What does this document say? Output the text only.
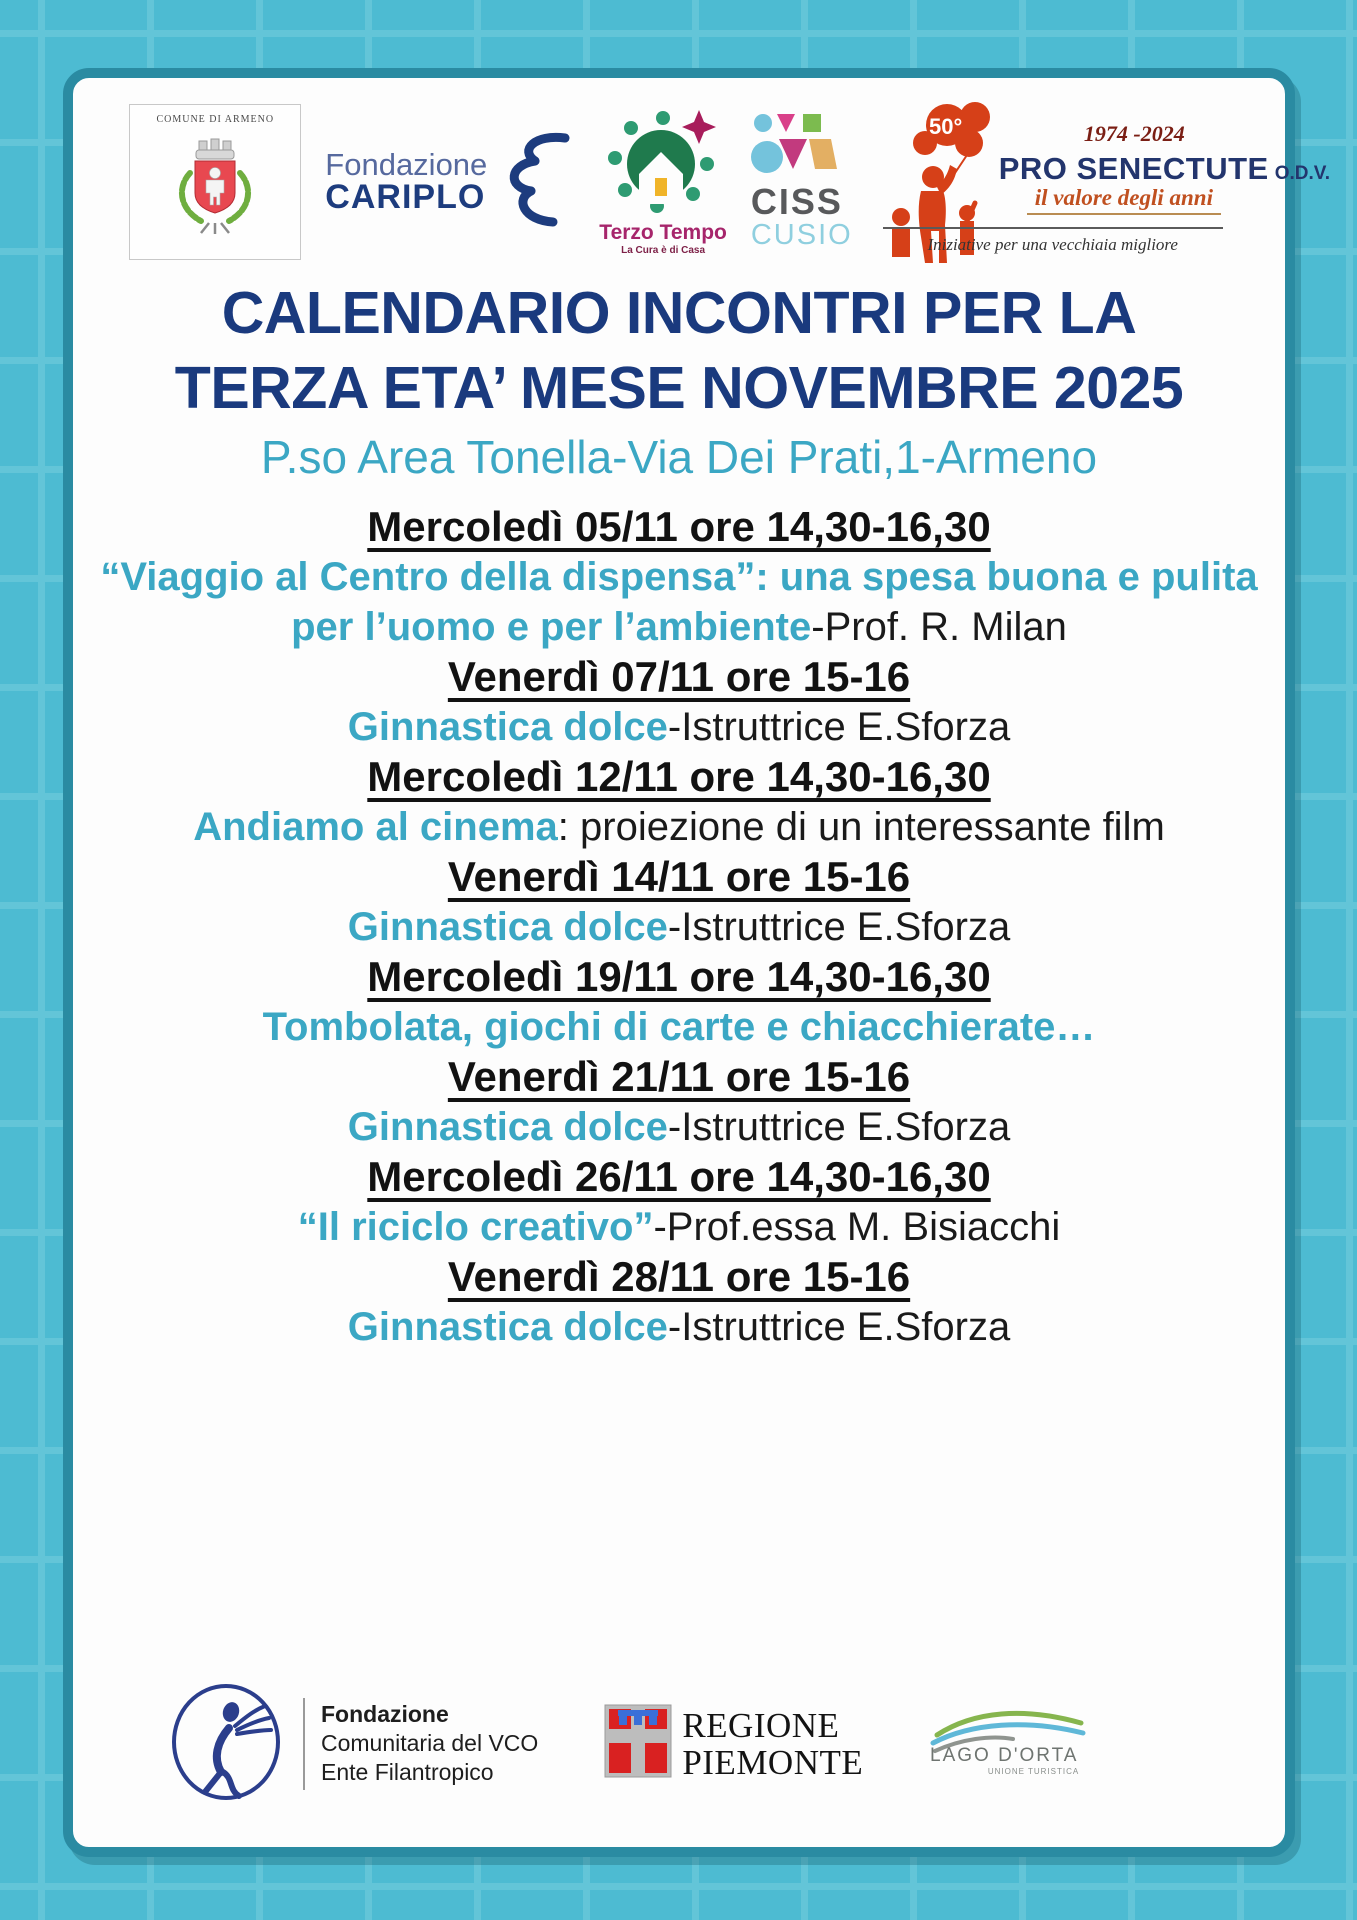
COMUNE DI ARMENO
Fondazione
CARIPLO
Terzo Tempo
La Cura è di Casa
CISS
CUSIO
50°	1974 -2024
PRO SENECTUTE O.D.V.
il valore degli anni
Iniziative per una vecchiaia migliore
CALENDARIO INCONTRI PER LA
TERZA ETA’ MESE NOVEMBRE 2025
P.so Area Tonella-Via Dei Prati,1-Armeno
Mercoledì 05/11 ore 14,30-16,30
“Viaggio al Centro della dispensa”: una spesa buona e pulita per l’uomo e per l’ambiente-Prof. R. Milan
Venerdì 07/11 ore 15-16
Ginnastica dolce-Istruttrice E.Sforza
Mercoledì 12/11 ore 14,30-16,30
Andiamo al cinema: proiezione di un interessante film
Venerdì 14/11 ore 15-16
Ginnastica dolce-Istruttrice E.Sforza
Mercoledì 19/11 ore 14,30-16,30
Tombolata, giochi di carte e chiacchierate…
Venerdì 21/11 ore 15-16
Ginnastica dolce-Istruttrice E.Sforza
Mercoledì 26/11 ore 14,30-16,30
“Il riciclo creativo”-Prof.essa M. Bisiacchi
Venerdì 28/11 ore 15-16
Ginnastica dolce-Istruttrice E.Sforza
Fondazione
Comunitaria del VCO
Ente Filantropico
REGIONE
PIEMONTE	LAGO D'ORTA
UNIONE TURISTICA
